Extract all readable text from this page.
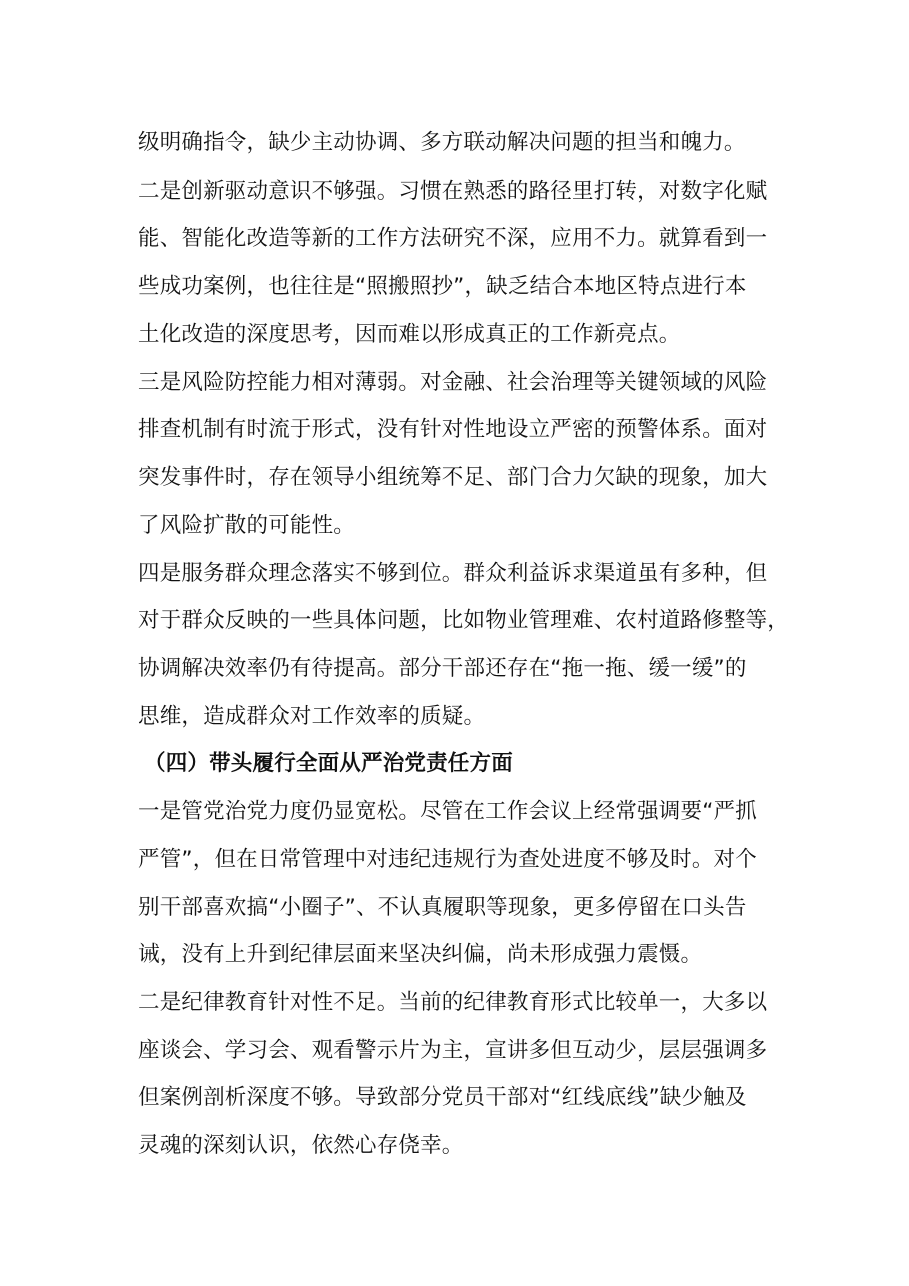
级明确指令，缺少主动协调、多方联动解决问题的担当和魄力。
二是创新驱动意识不够强。习惯在熟悉的路径里打转，对数字化赋
能、智能化改造等新的工作方法研究不深，应用不力。就算看到一
些成功案例，也往往是“照搬照抄”，缺乏结合本地区特点进行本
土化改造的深度思考，因而难以形成真正的工作新亮点。
三是风险防控能力相对薄弱。对金融、社会治理等关键领域的风险
排查机制有时流于形式，没有针对性地设立严密的预警体系。面对
突发事件时，存在领导小组统筹不足、部门合力欠缺的现象，加大
了风险扩散的可能性。
四是服务群众理念落实不够到位。群众利益诉求渠道虽有多种，但
对于群众反映的一些具体问题，比如物业管理难、农村道路修整等，
协调解决效率仍有待提高。部分干部还存在“拖一拖、缓一缓”的
思维，造成群众对工作效率的质疑。
（四）带头履行全面从严治党责任方面
一是管党治党力度仍显宽松。尽管在工作会议上经常强调要“严抓
严管”，但在日常管理中对违纪违规行为查处进度不够及时。对个
别干部喜欢搞“小圈子”、不认真履职等现象，更多停留在口头告
诫，没有上升到纪律层面来坚决纠偏，尚未形成强力震慑。
二是纪律教育针对性不足。当前的纪律教育形式比较单一，大多以
座谈会、学习会、观看警示片为主，宣讲多但互动少，层层强调多
但案例剖析深度不够。导致部分党员干部对“红线底线”缺少触及
灵魂的深刻认识，依然心存侥幸。
